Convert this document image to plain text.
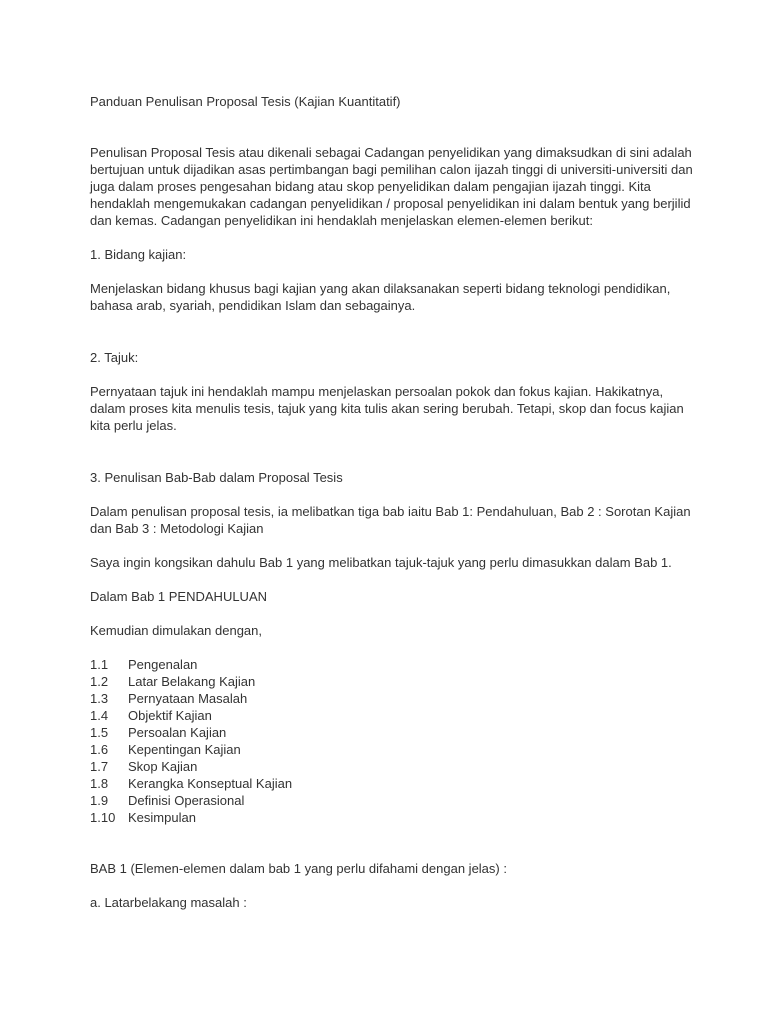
Panduan Penulisan Proposal Tesis (Kajian Kuantitatif)
Penulisan Proposal Tesis atau dikenali sebagai Cadangan penyelidikan yang dimaksudkan di sini adalah
bertujuan untuk dijadikan asas pertimbangan bagi pemilihan calon ijazah tinggi di universiti-universiti dan
juga dalam proses pengesahan bidang atau skop penyelidikan dalam pengajian ijazah tinggi. Kita
hendaklah mengemukakan cadangan penyelidikan / proposal penyelidikan ini dalam bentuk yang berjilid
dan kemas. Cadangan penyelidikan ini hendaklah menjelaskan elemen-elemen berikut:
1. Bidang kajian:
Menjelaskan bidang khusus bagi kajian yang akan dilaksanakan seperti bidang teknologi pendidikan,
bahasa arab, syariah, pendidikan Islam dan sebagainya.
2. Tajuk:
Pernyataan tajuk ini hendaklah mampu menjelaskan persoalan pokok dan fokus kajian. Hakikatnya,
dalam proses kita menulis tesis, tajuk yang kita tulis akan sering berubah. Tetapi, skop dan focus kajian
kita perlu jelas.
3. Penulisan Bab-Bab dalam Proposal Tesis
Dalam penulisan proposal tesis, ia melibatkan tiga bab iaitu Bab 1: Pendahuluan, Bab 2 : Sorotan Kajian
dan Bab 3 : Metodologi Kajian
Saya ingin kongsikan dahulu Bab 1 yang melibatkan tajuk-tajuk yang perlu dimasukkan dalam Bab 1.
Dalam Bab 1 PENDAHULUAN
Kemudian dimulakan dengan,
1.1	Pengenalan
1.2	Latar Belakang Kajian
1.3	Pernyataan Masalah
1.4	Objektif Kajian
1.5	Persoalan Kajian
1.6	Kepentingan Kajian
1.7	Skop Kajian
1.8	Kerangka Konseptual Kajian
1.9	Definisi Operasional
1.10 Kesimpulan
BAB 1 (Elemen-elemen dalam bab 1 yang perlu difahami dengan jelas) :
a. Latarbelakang masalah :
